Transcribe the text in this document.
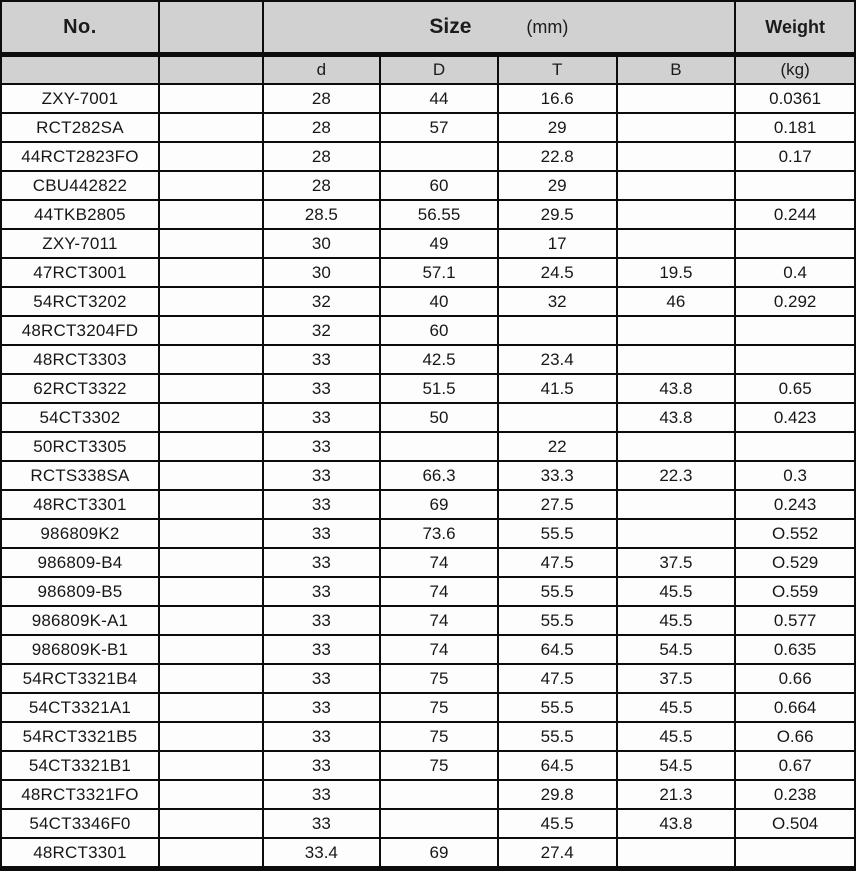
No.		Size (mm)				Weight
		d	D	T	B	(kg)
ZXY-7001		28	44	16.6		0.0361
RCT282SA		28	57	29		0.181
44RCT2823FO		28		22.8		0.17
CBU442822		28	60	29		
44TKB2805		28.5	56.55	29.5		0.244
ZXY-7011		30	49	17		
47RCT3001		30	57.1	24.5	19.5	0.4
54RCT3202		32	40	32	46	0.292
48RCT3204FD		32	60			
48RCT3303		33	42.5	23.4		
62RCT3322		33	51.5	41.5	43.8	0.65
54CT3302		33	50		43.8	0.423
50RCT3305		33		22		
RCTS338SA		33	66.3	33.3	22.3	0.3
48RCT3301		33	69	27.5		0.243
986809K2		33	73.6	55.5		O.552
986809-B4		33	74	47.5	37.5	O.529
986809-B5		33	74	55.5	45.5	O.559
986809K-A1		33	74	55.5	45.5	0.577
986809K-B1		33	74	64.5	54.5	0.635
54RCT3321B4		33	75	47.5	37.5	0.66
54CT3321A1		33	75	55.5	45.5	0.664
54RCT3321B5		33	75	55.5	45.5	O.66
54CT3321B1		33	75	64.5	54.5	0.67
48RCT3321FO		33		29.8	21.3	0.238
54CT3346F0		33		45.5	43.8	O.504
48RCT3301		33.4	69	27.4		
